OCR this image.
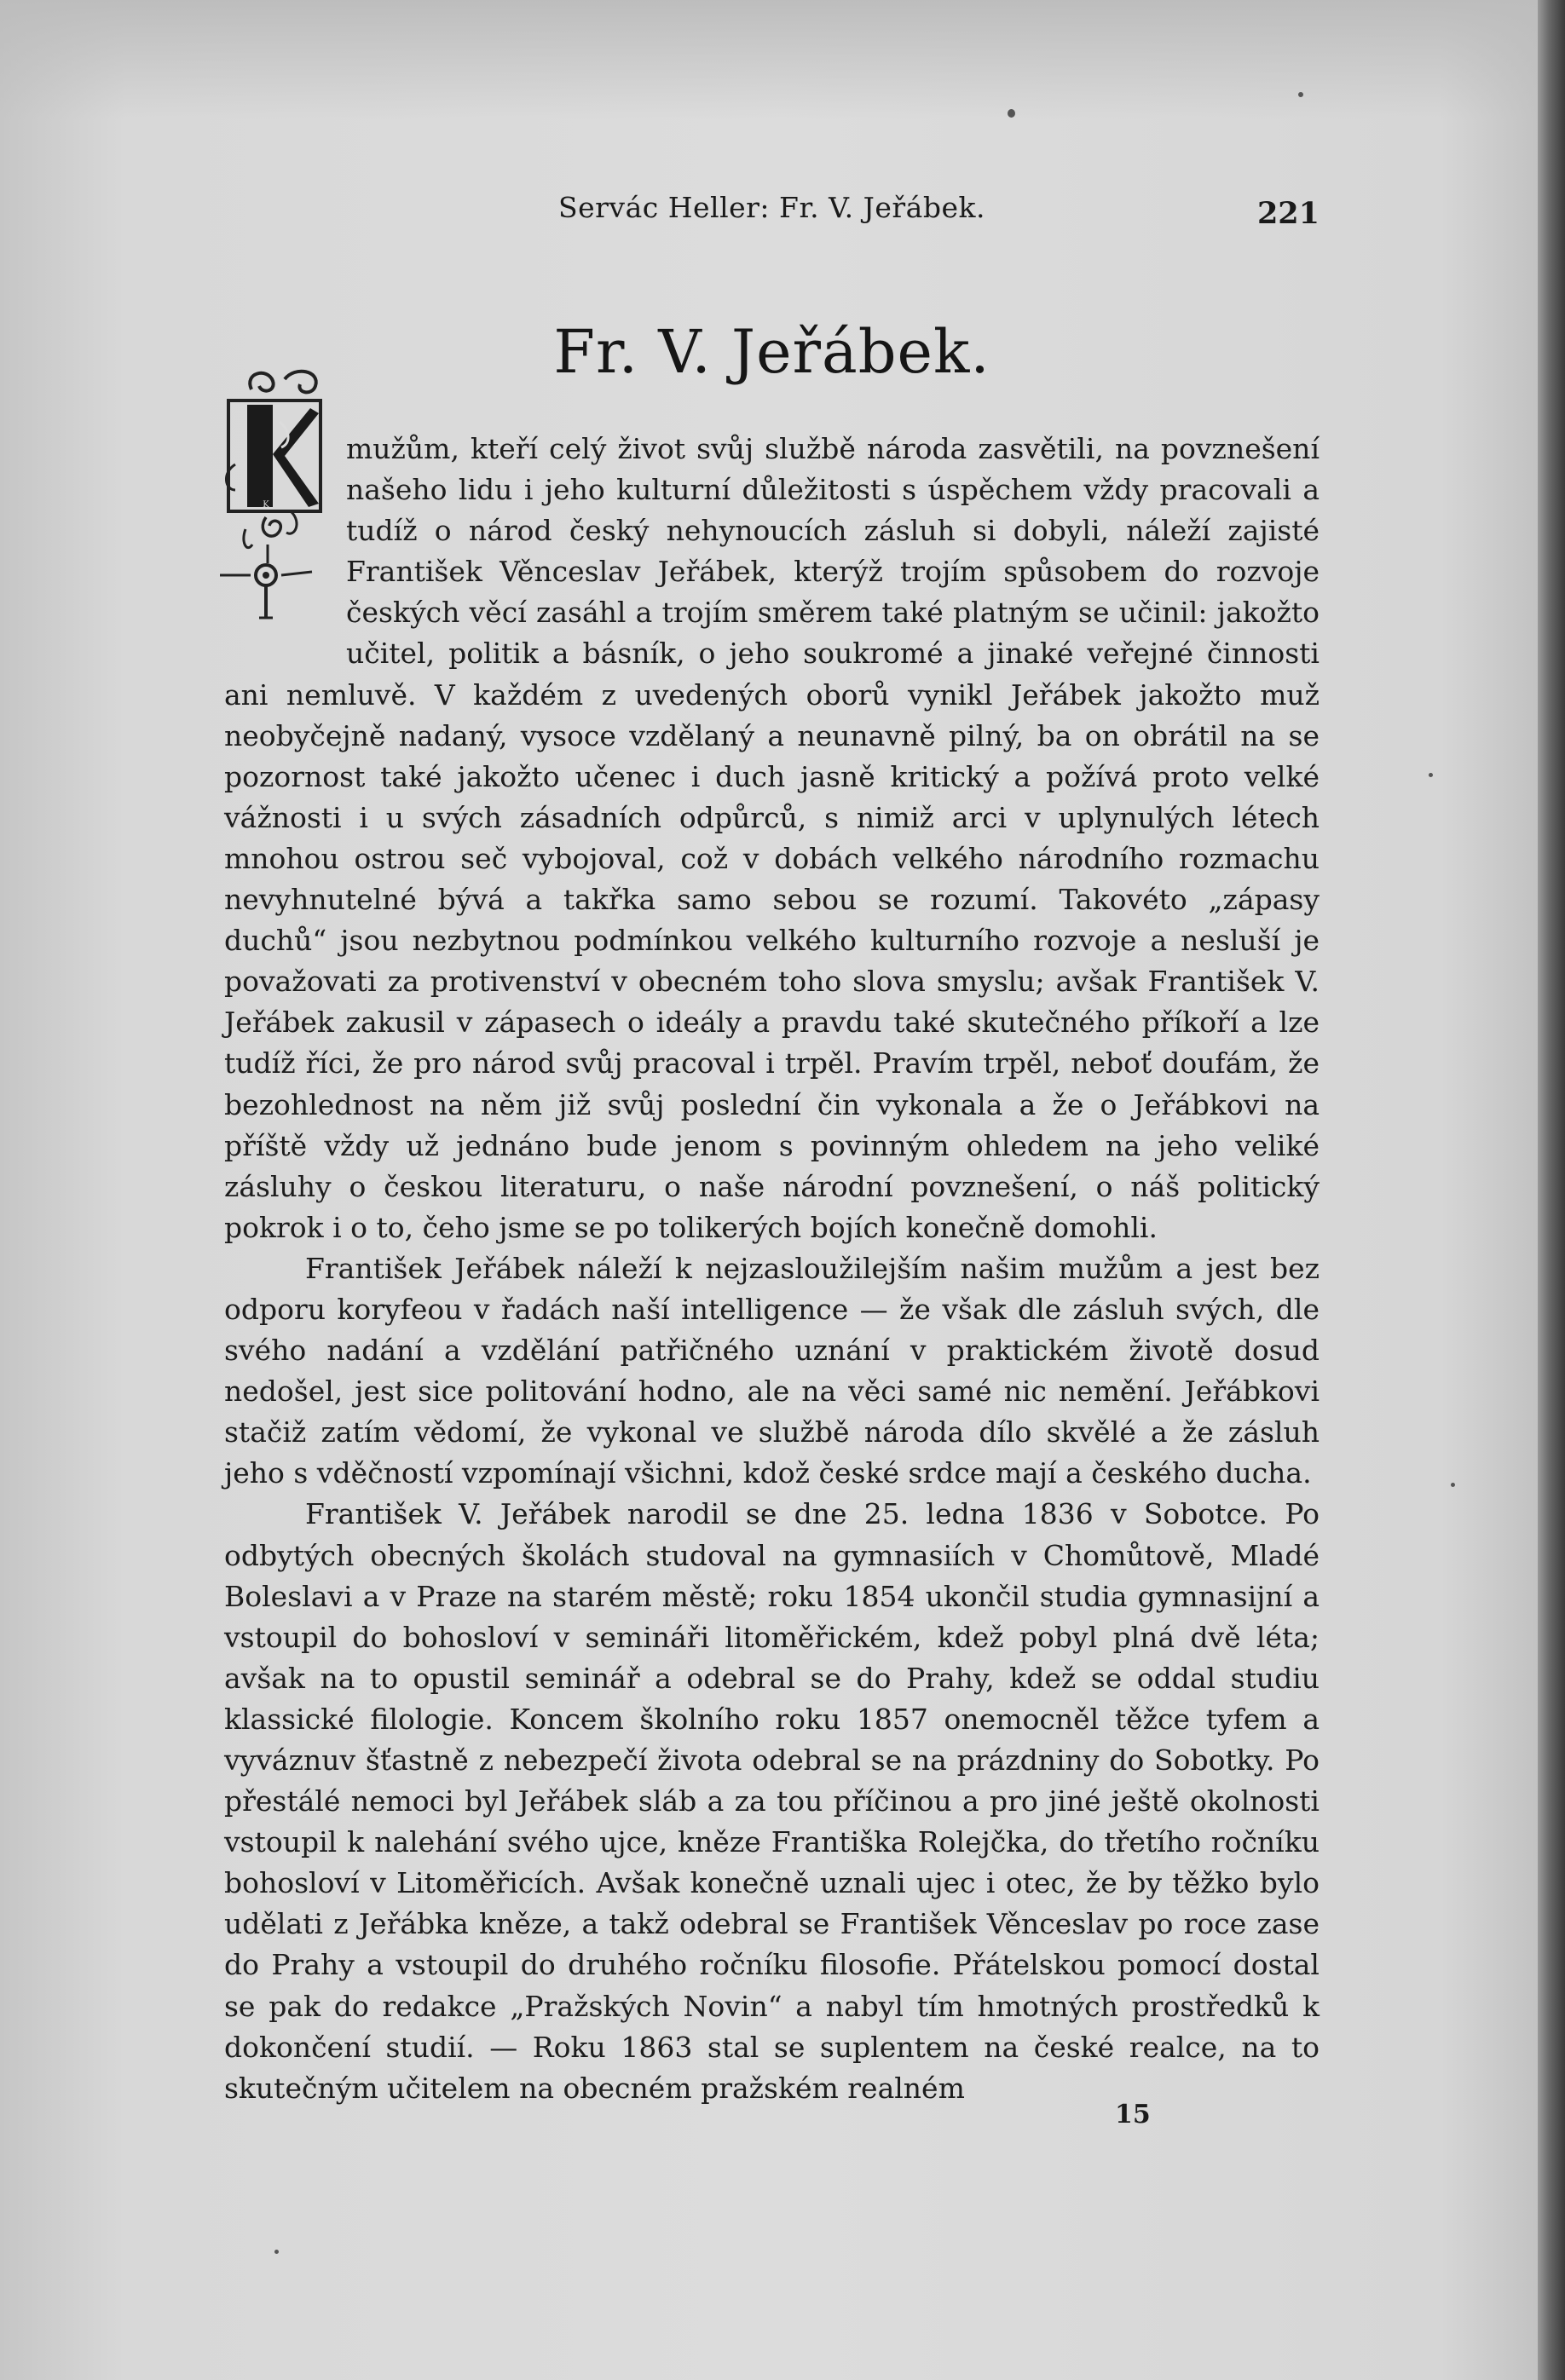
Servác Heller: Fr. V. Jeřábek.	221
Fr. V. Jeřábek.
K

mužům, kteří celý život svůj službě národa zasvětili, na povznešení našeho lidu i jeho kulturní důležitosti s úspěchem vždy pracovali a tudíž o národ český nehynoucích zásluh si dobyli, náleží zajisté František Věnceslav Jeřábek, kterýž trojím spůsobem do rozvoje českých věcí zasáhl a trojím směrem také platným se učinil: jakožto učitel, politik a básník, o jeho soukromé a jinaké veřejné činnosti ani nemluvě. V každém z uvedených oborů vynikl Jeřábek jakožto muž neobyčejně nadaný, vysoce vzdělaný a neunavně pilný, ba on obrátil na se pozornost také jakožto učenec i duch jasně kritický a požívá proto velké vážnosti i u svých zásadních odpůrců, s nimiž arci v uplynulých létech mnohou ostrou seč vybojoval, což v dobách velkého národního rozmachu nevyhnutelné bývá a takřka samo sebou se rozumí. Takovéto „zápasy duchů“ jsou nezbytnou podmínkou velkého kulturního rozvoje a nesluší je považovati za protivenství v obecném toho slova smyslu; avšak František V. Jeřábek zakusil v zápasech o ideály a pravdu také skutečného příkoří a lze tudíž říci, že pro národ svůj pracoval i trpěl. Pravím trpěl, neboť doufám, že bezohlednost na něm již svůj poslední čin vykonala a že o Jeřábkovi na příště vždy už jednáno bude jenom s povinným ohledem na jeho veliké zásluhy o českou literaturu, o naše národní povznešení, o náš politický pokrok i o to, čeho jsme se po tolikerých bojích konečně domohli.

František Jeřábek náleží k nejzasloužilejším našim mužům a jest bez odporu koryfeou v řadách naší intelligence — že však dle zásluh svých, dle svého nadání a vzdělání patřičného uznání v praktickém životě dosud nedošel, jest sice politování hodno, ale na věci samé nic nemění. Jeřábkovi stačiž zatím vědomí, že vykonal ve službě národa dílo skvělé a že zásluh jeho s vděčností vzpomínají všichni, kdož české srdce mají a českého ducha.

František V. Jeřábek narodil se dne 25. ledna 1836 v Sobotce. Po odbytých obecných školách studoval na gymnasiích v Chomůtově, Mladé Boleslavi a v Praze na starém městě; roku 1854 ukončil studia gymnasijní a vstoupil do bohosloví v semináři litoměřickém, kdež pobyl plná dvě léta; avšak na to opustil seminář a odebral se do Prahy, kdež se oddal studiu klassické filologie. Koncem školního roku 1857 onemocněl těžce tyfem a vyváznuv šťastně z nebezpečí života odebral se na prázdniny do Sobotky. Po přestálé nemoci byl Jeřábek sláb a za tou příčinou a pro jiné ještě okolnosti vstoupil k nalehání svého ujce, kněze Františka Rolejčka, do třetího ročníku bohosloví v Litoměřicích. Avšak konečně uznali ujec i otec, že by těžko bylo udělati z Jeřábka kněze, a takž odebral se František Věnceslav po roce zase do Prahy a vstoupil do druhého ročníku filosofie. Přátelskou pomocí dostal se pak do redakce „Pražských Novin“ a nabyl tím hmotných prostředků k dokončení studií. — Roku 1863 stal se suplentem na české realce, na to skutečným učitelem na obecném pražském realném

15
